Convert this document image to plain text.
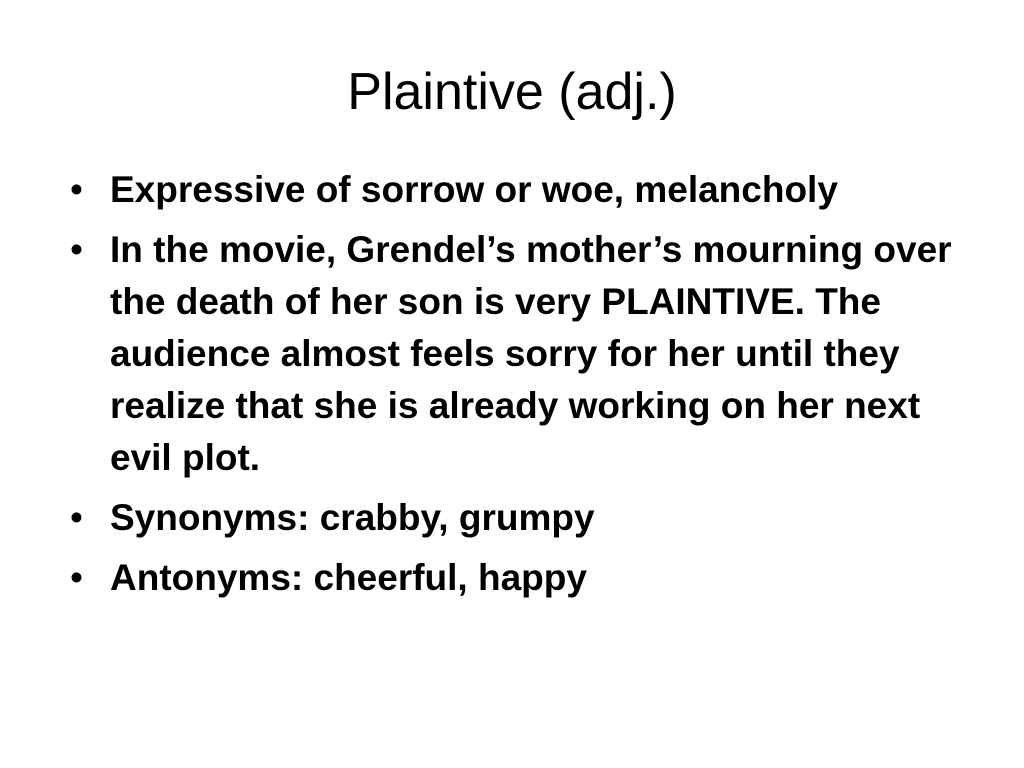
Plaintive (adj.)
• Expressive of sorrow or woe, melancholy
• In the movie, Grendel’s mother’s mourning over the death of her son is very PLAINTIVE. The audience almost feels sorry for her until they realize that she is already working on her next evil plot.
• Synonyms: crabby, grumpy
• Antonyms: cheerful, happy
